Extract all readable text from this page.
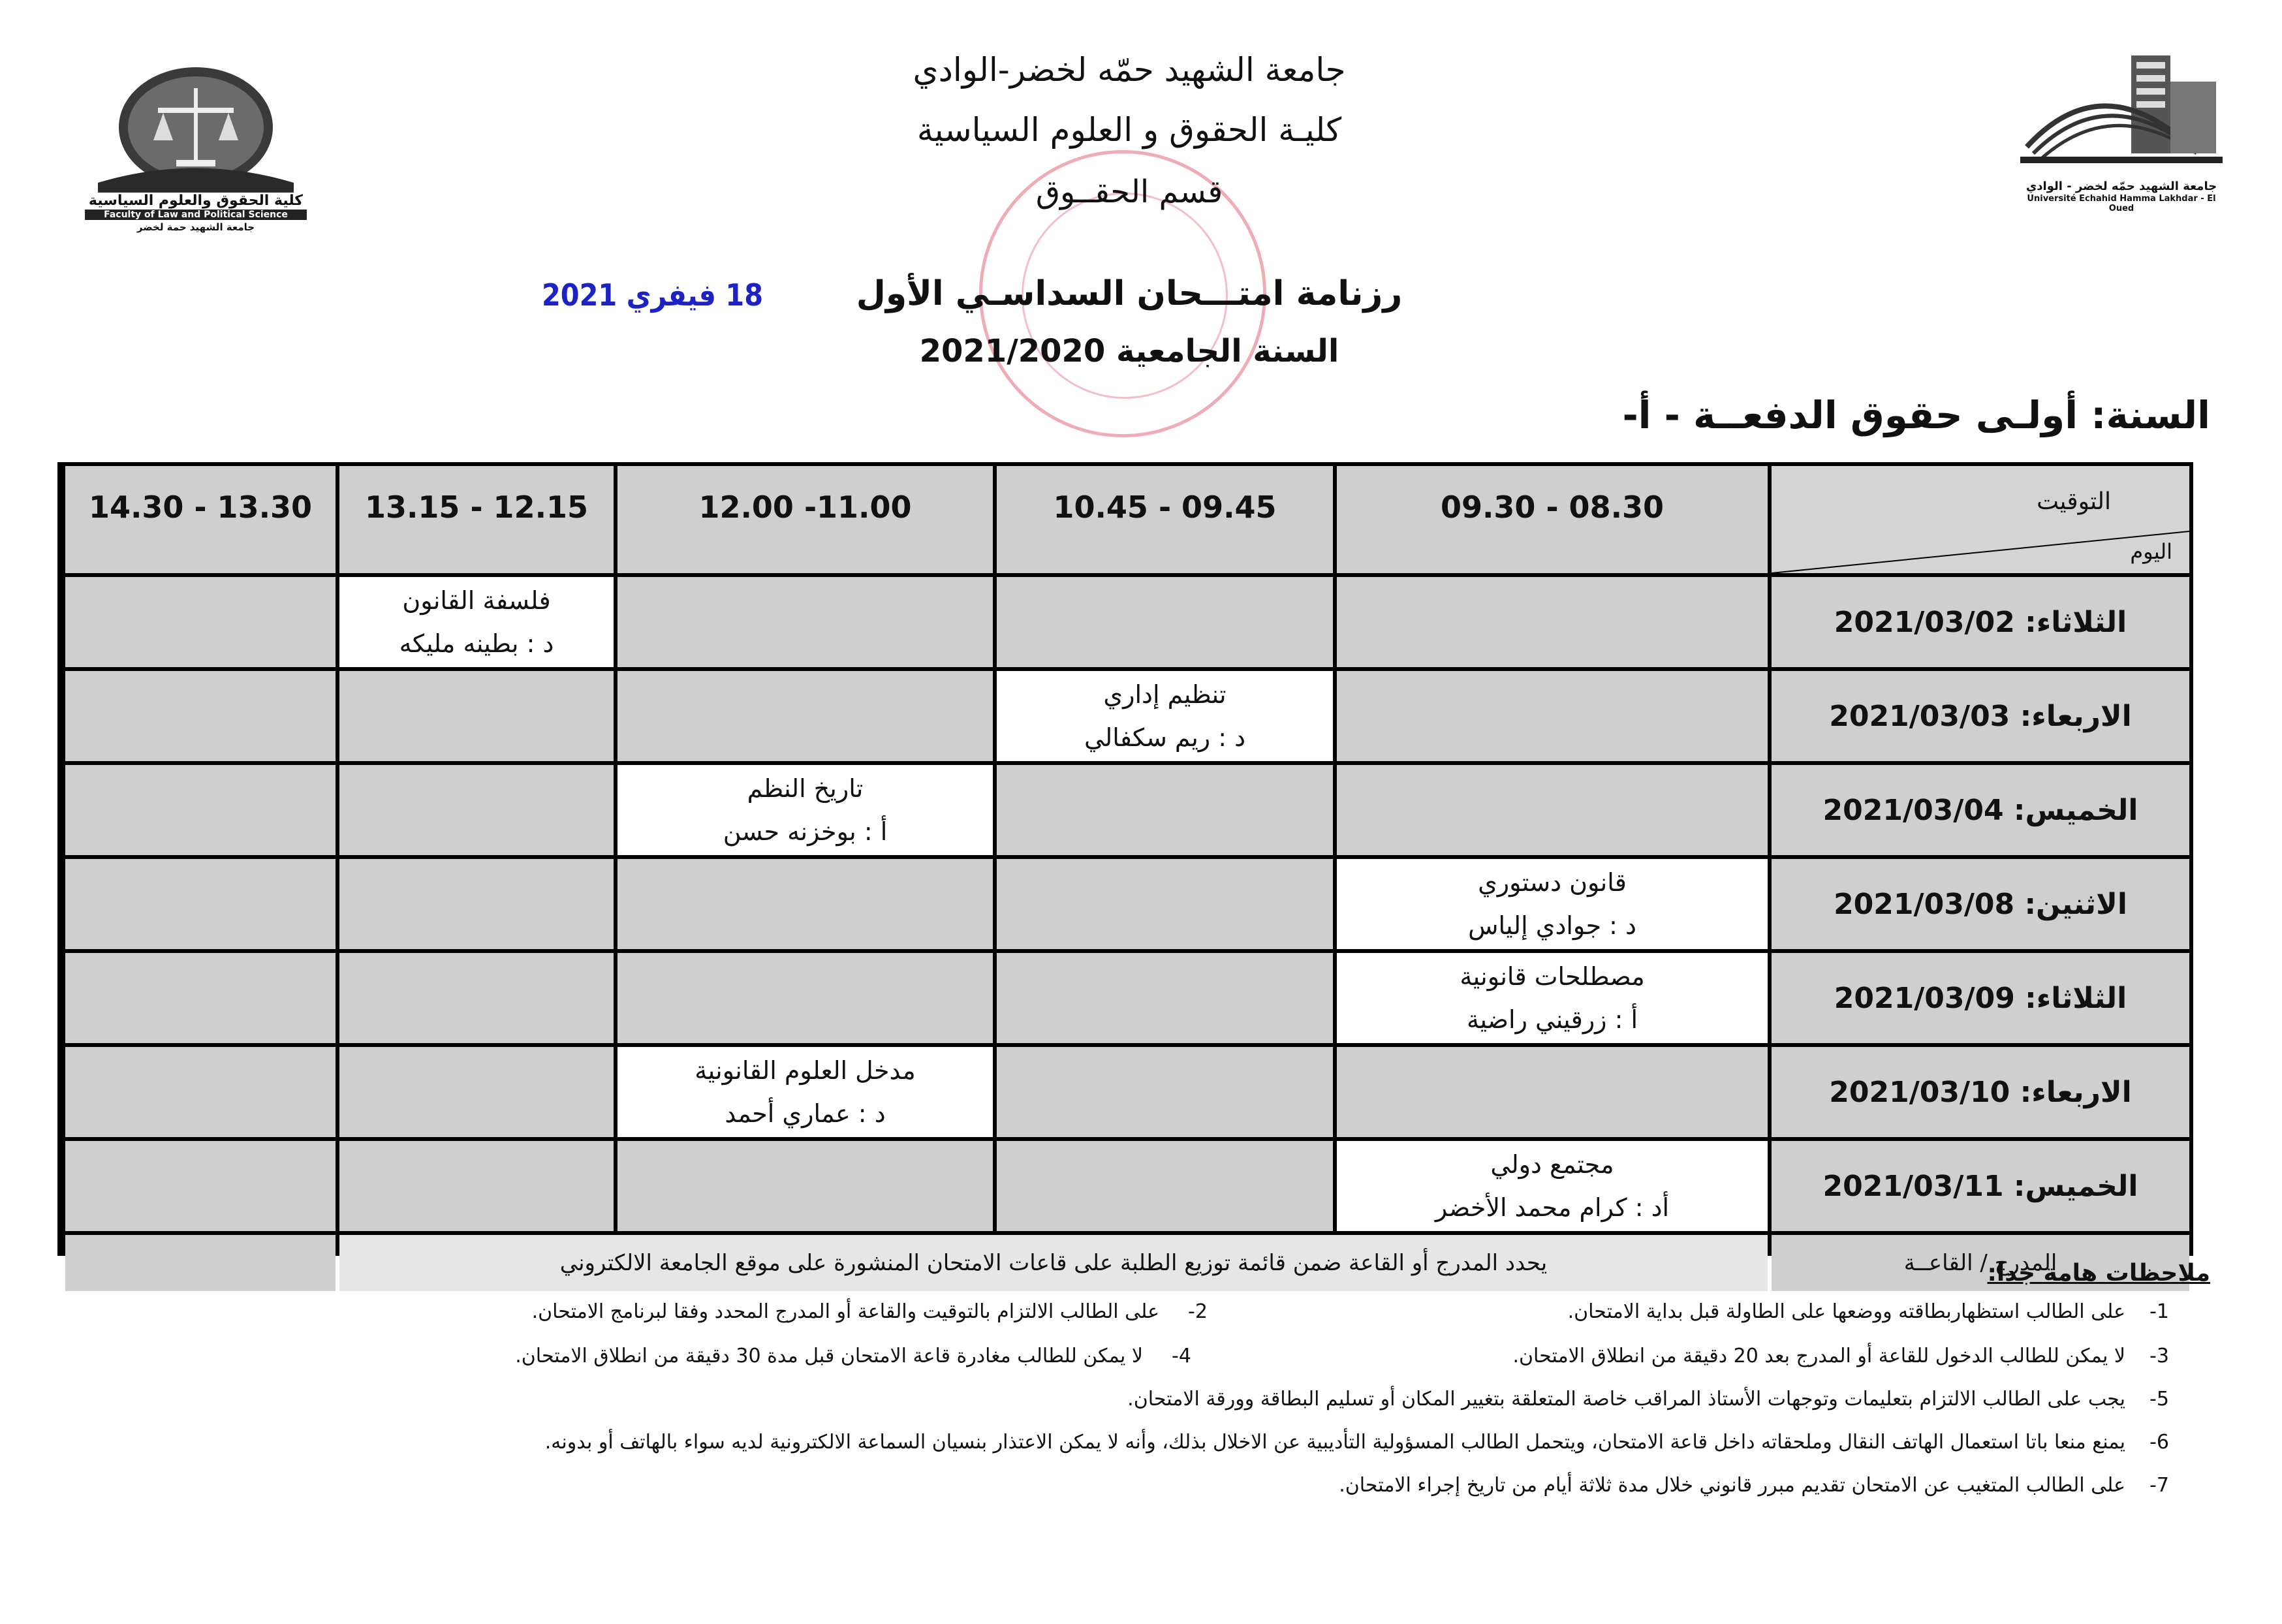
كلية الحقوق والعلوم السياسية
Faculty of Law and Political Science
جامعة الشهيد حمة لخضر
جامعة الشهيد حمّه لخضر - الوادي
Université Echahid Hamma Lakhdar - El Oued
جامعة الشهيد حمّه لخضر-الوادي
كليـة الحقوق و العلوم السياسية
قسم الحقــوق
رزنامة امتـــحان السداسـي الأول
السنة الجامعية 2021/2020
18 فيفري 2021
السنة: أولـى حقوق الدفعــة - أ-
التوقيت
اليوم
09.30 - 08.30
10.45 - 09.45
12.00 -11.00
13.15 - 12.15
14.30 - 13.30
الثلاثاء: 2021/03/02
فلسفة القانون
د : بطينه مليكه
الاربعاء: 2021/03/03
تنظيم إداري
د : ريم سكفالي
الخميس: 2021/03/04
تاريخ النظم
أ : بوخزنه حسن
الاثنين: 2021/03/08
قانون دستوري
د : جوادي إلياس
الثلاثاء: 2021/03/09
مصطلحات قانونية
أ : زرقيني راضية
الاربعاء: 2021/03/10
مدخل العلوم القانونية
د : عماري أحمد
الخميس: 2021/03/11
مجتمع دولي
أد : كرام محمد الأخضر
المدرج / القاعــة
يحدد المدرج أو القاعة ضمن قائمة توزيع الطلبة على قاعات الامتحان المنشورة على موقع الجامعة الالكتروني	ملاحظات هامة جدا:
-1
على الطالب استظهاربطاقته ووضعها على الطاولة قبل بداية الامتحان.
-2
على الطالب الالتزام بالتوقيت والقاعة أو المدرج المحدد وفقا لبرنامج الامتحان.
-3
لا يمكن للطالب الدخول للقاعة أو المدرج بعد 20 دقيقة من انطلاق الامتحان.
-4
لا يمكن للطالب مغادرة قاعة الامتحان قبل مدة 30 دقيقة من انطلاق الامتحان.
-5
يجب على الطالب الالتزام بتعليمات وتوجهات الأستاذ المراقب خاصة المتعلقة بتغيير المكان أو تسليم البطاقة وورقة الامتحان.
-6
يمنع منعا باتا استعمال الهاتف النقال وملحقاته داخل قاعة الامتحان، ويتحمل الطالب المسؤولية التأديبية عن الاخلال بذلك، وأنه لا يمكن الاعتذار بنسيان السماعة الالكترونية لديه سواء بالهاتف أو بدونه.
-7
على الطالب المتغيب عن الامتحان تقديم مبرر قانوني خلال مدة ثلاثة أيام من تاريخ إجراء الامتحان.
